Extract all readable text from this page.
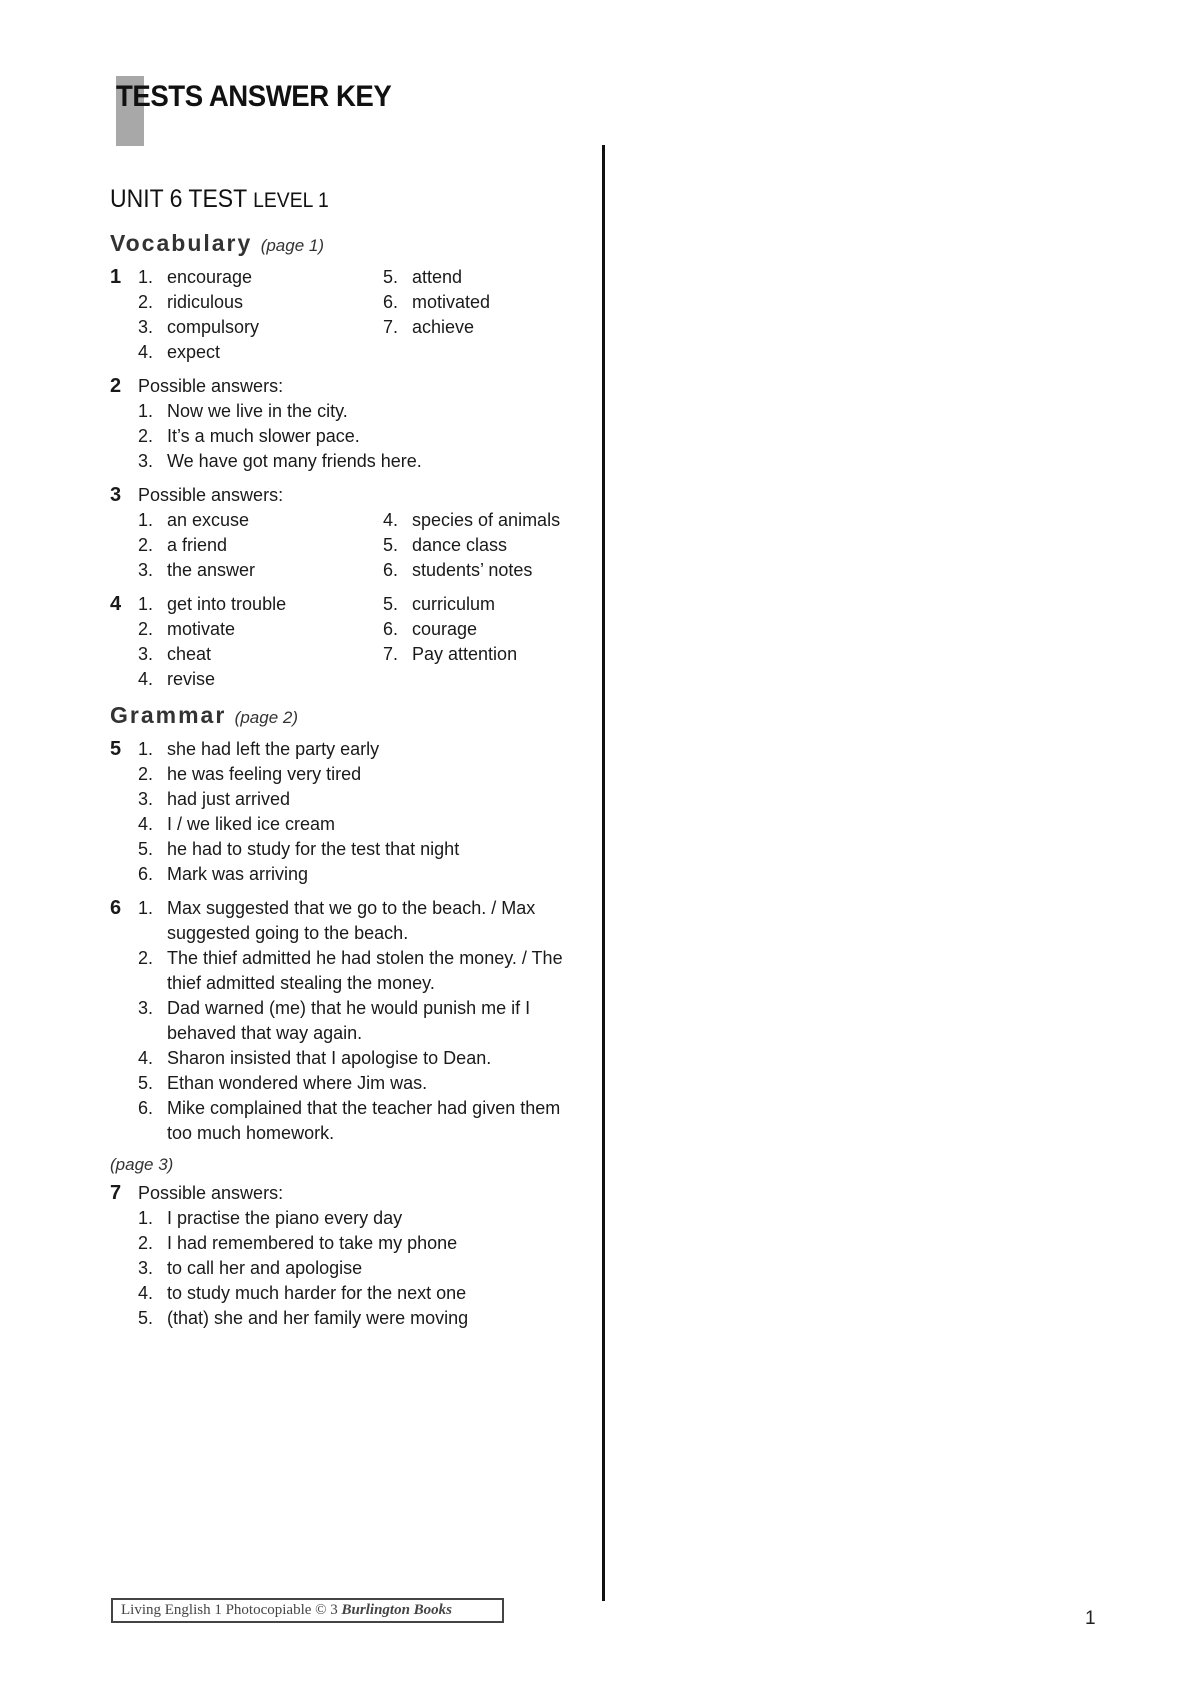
TESTS ANSWER KEY
UNIT 6 TEST LEVEL 1
Vocabulary (page 1)
1 1. encourage
2. ridiculous
3. compulsory
4. expect
5. attend
6. motivated
7. achieve
2 Possible answers:
1. Now we live in the city.
2. It’s a much slower pace.
3. We have got many friends here.
3 Possible answers:
1. an excuse
2. a friend
3. the answer
4. species of animals
5. dance class
6. students’ notes
4 1. get into trouble
2. motivate
3. cheat
4. revise
5. curriculum
6. courage
7. Pay attention
Grammar (page 2)
5 1. she had left the party early
2. he was feeling very tired
3. had just arrived
4. I / we liked ice cream
5. he had to study for the test that night
6. Mark was arriving
6 1. Max suggested that we go to the beach. / Max suggested going to the beach.
2. The thief admitted he had stolen the money. / The thief admitted stealing the money.
3. Dad warned (me) that he would punish me if I behaved that way again.
4. Sharon insisted that I apologise to Dean.
5. Ethan wondered where Jim was.
6. Mike complained that the teacher had given them too much homework.
(page 3)
7 Possible answers:
1. I practise the piano every day
2. I had remembered to take my phone
3. to call her and apologise
4. to study much harder for the next one
5. (that) she and her family were moving
Living English 1 Photocopiable © 3 Burlington Books	1
